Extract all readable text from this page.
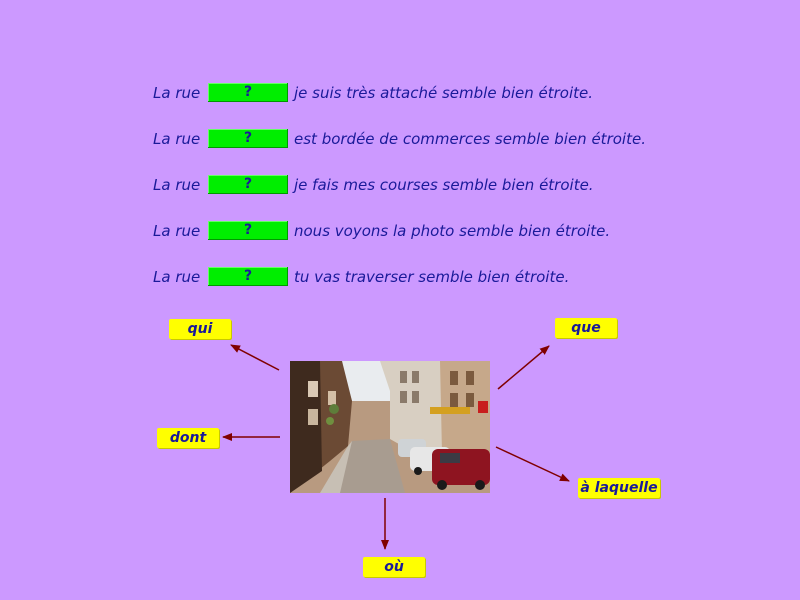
La rue	?	je suis très attaché semble bien étroite.
La rue	?	est bordée de commerces semble bien étroite.
La rue	?	je fais mes courses semble bien étroite.
La rue	?	nous voyons la photo semble bien étroite.
La rue	?	tu vas traverser semble bien étroite.
qui	que
dont
à laquelle
où
